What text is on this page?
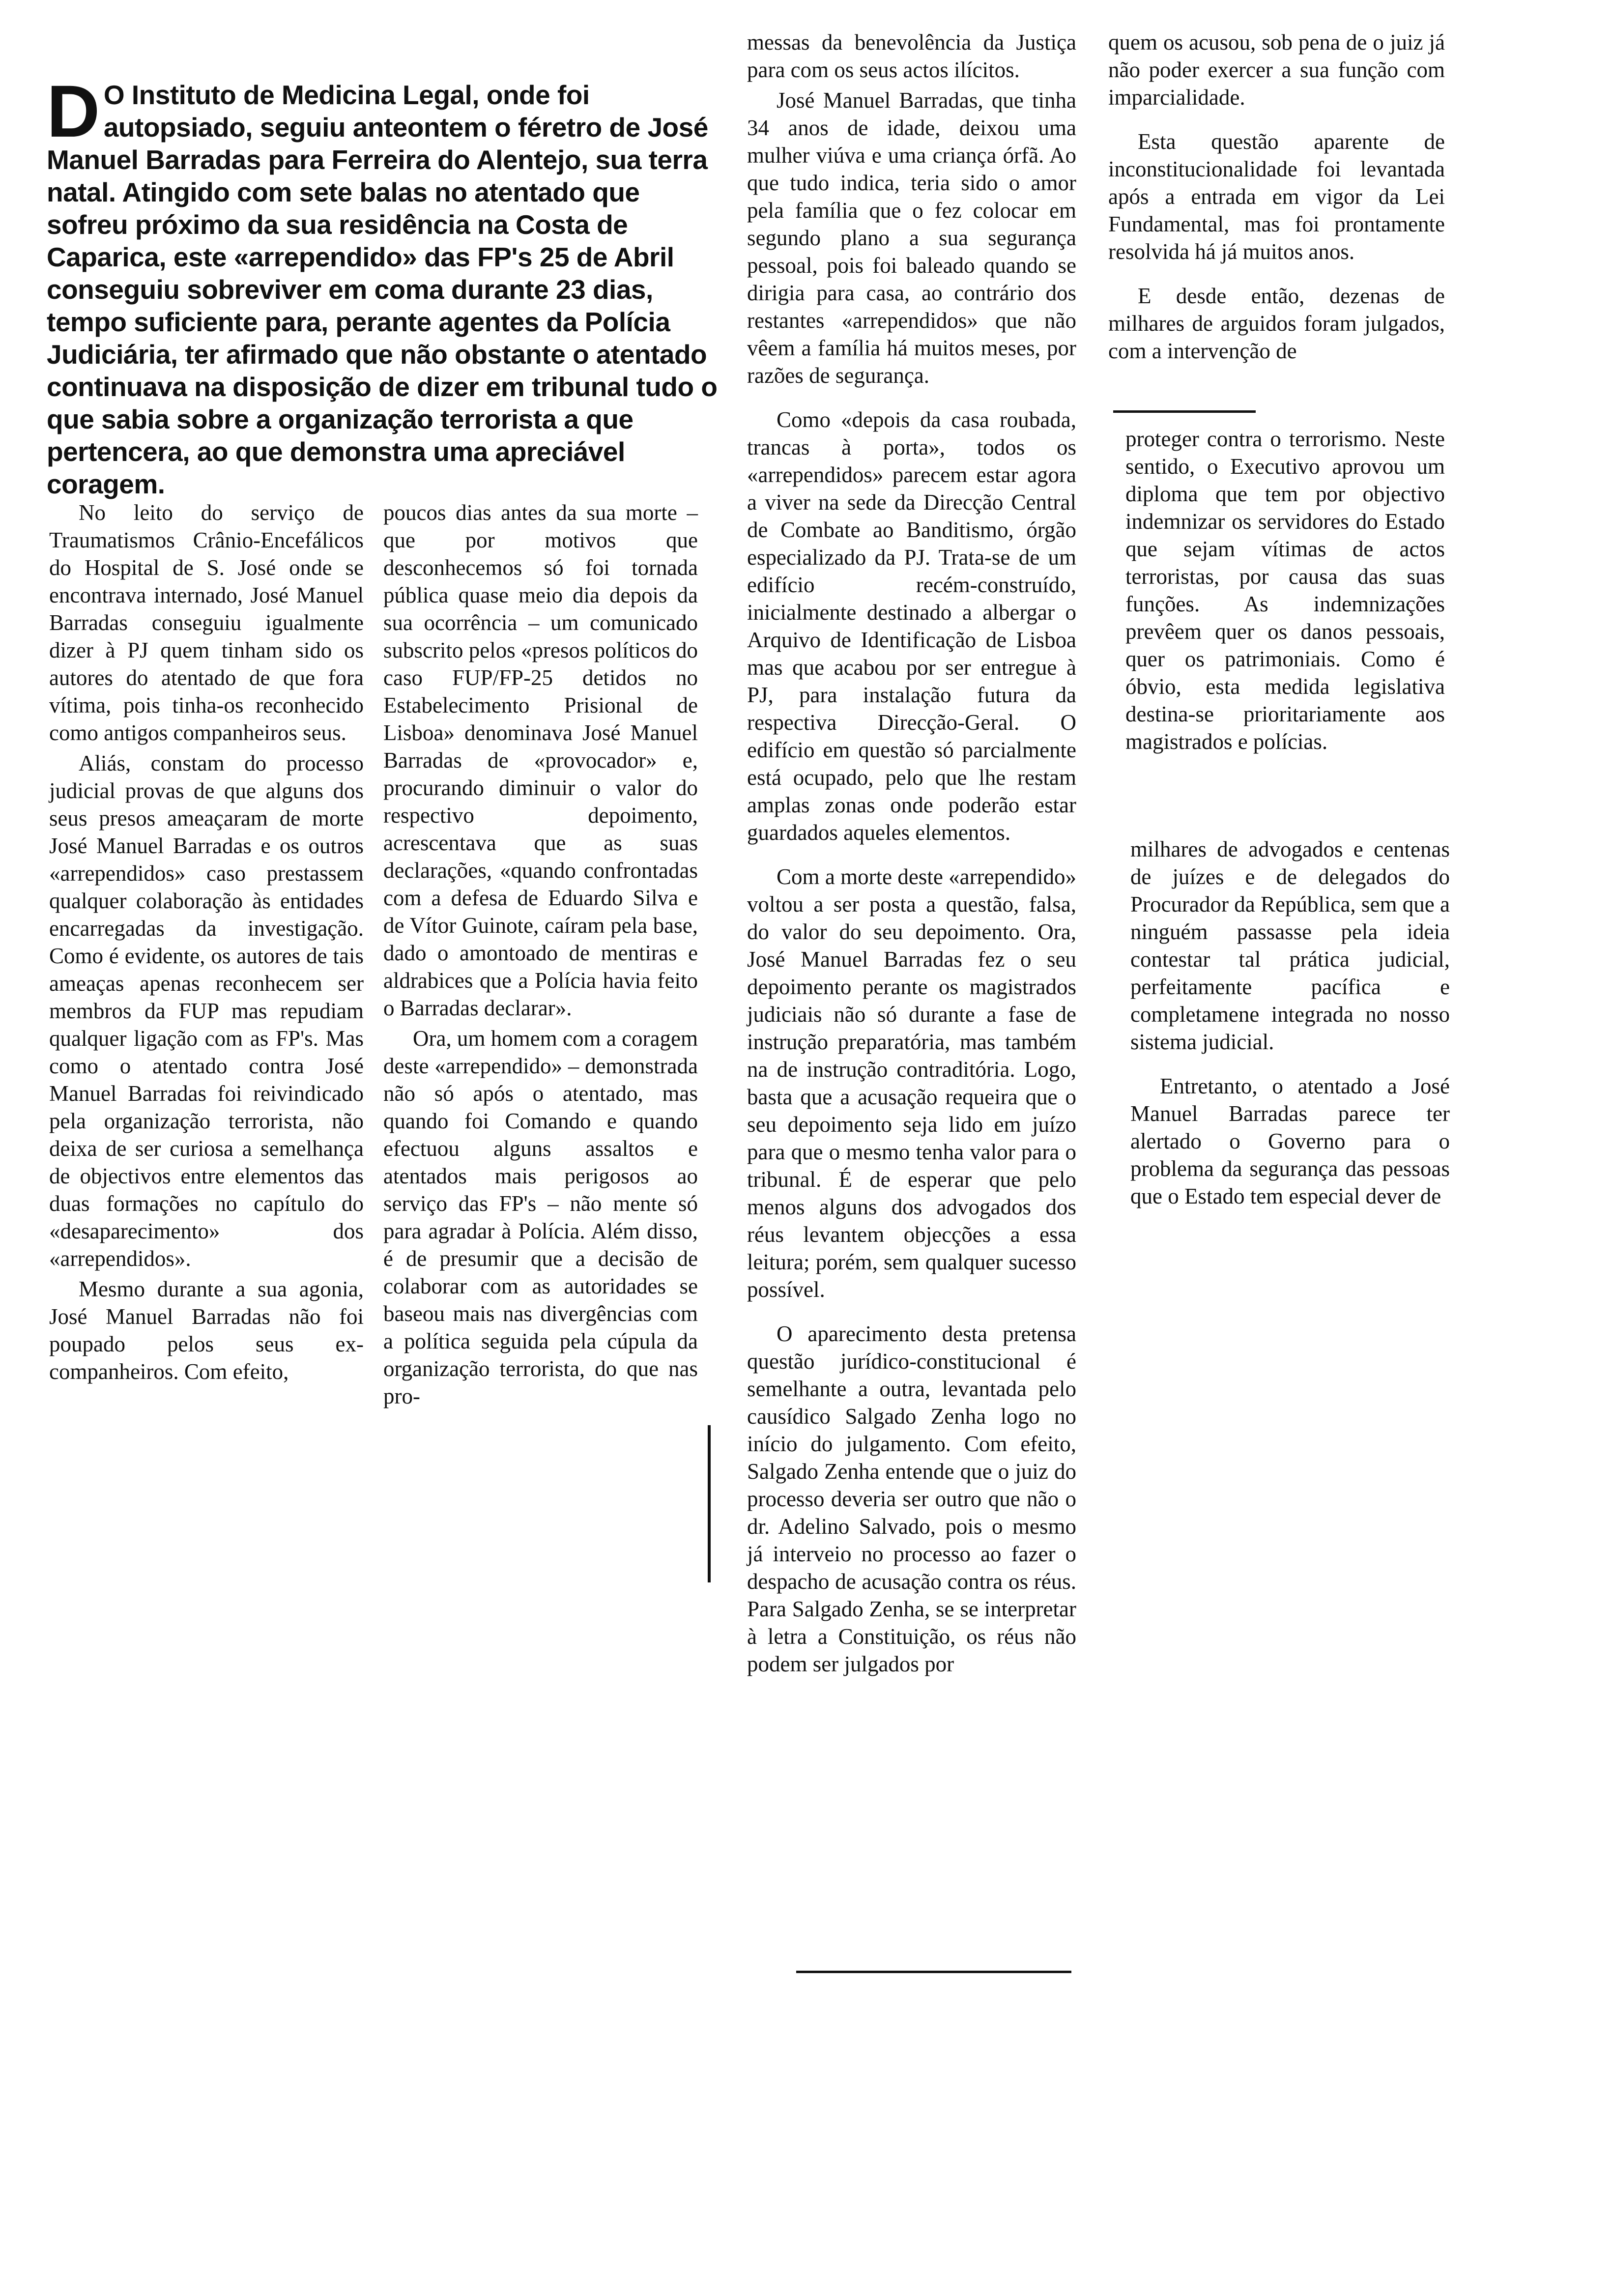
D O Instituto de Medicina Legal, onde foi autopsiado, seguiu anteontem o féretro de José Manuel Barradas para Ferreira do Alentejo, sua terra natal. Atingido com sete balas no atentado que sofreu próximo da sua residência na Costa de Caparica, este «arrependido» das FP's 25 de Abril conseguiu sobreviver em coma durante 23 dias, tempo suficiente para, perante agentes da Polícia Judiciária, ter afirmado que não obstante o atentado continuava na disposição de dizer em tribunal tudo o que sabia sobre a organização terrorista a que pertencera, ao que demonstra uma apreciável coragem.

No leito do serviço de Traumatismos Crânio-Encefálicos do Hospital de S. José onde se encontrava internado, José Manuel Barradas conseguiu igualmente dizer à PJ quem tinham sido os autores do atentado de que fora vítima, pois tinha-os reconhecido como antigos companheiros seus.

Aliás, constam do processo judicial provas de que alguns dos seus presos ameaçaram de morte José Manuel Barradas e os outros «arrependidos» caso prestassem qualquer colaboração às entidades encarregadas da investigação. Como é evidente, os autores de tais ameaças apenas reconhecem ser membros da FUP mas repudiam qualquer ligação com as FP's. Mas como o atentado contra José Manuel Barradas foi reivindicado pela organização terrorista, não deixa de ser curiosa a semelhança de objectivos entre elementos das duas formações no capítulo do «desaparecimento» dos «arrependidos».

Mesmo durante a sua agonia, José Manuel Barradas não foi poupado pelos seus ex-companheiros. Com efeito,

poucos dias antes da sua morte – que por motivos que desconhecemos só foi tornada pública quase meio dia depois da sua ocorrência – um comunicado subscrito pelos «presos políticos do caso FUP/FP-25 detidos no Estabelecimento Prisional de Lisboa» denominava José Manuel Barradas de «provocador» e, procurando diminuir o valor do respectivo depoimento, acrescentava que as suas declarações, «quando confrontadas com a defesa de Eduardo Silva e de Vítor Guinote, caíram pela base, dado o amontoado de mentiras e aldrabices que a Polícia havia feito o Barradas declarar».

Ora, um homem com a coragem deste «arrependido» – demonstrada não só após o atentado, mas quando foi Comando e quando efectuou alguns assaltos e atentados mais perigosos ao serviço das FP's – não mente só para agradar à Polícia. Além disso, é de presumir que a decisão de colaborar com as autoridades se baseou mais nas divergências com a política seguida pela cúpula da organização terrorista, do que nas pro-

messas da benevolência da Justiça para com os seus actos ilícitos.

José Manuel Barradas, que tinha 34 anos de idade, deixou uma mulher viúva e uma criança órfã. Ao que tudo indica, teria sido o amor pela família que o fez colocar em segundo plano a sua segurança pessoal, pois foi baleado quando se dirigia para casa, ao contrário dos restantes «arrependidos» que não vêem a família há muitos meses, por razões de segurança.

Como «depois da casa roubada, trancas à porta», todos os «arrependidos» parecem estar agora a viver na sede da Direcção Central de Combate ao Banditismo, órgão especializado da PJ. Trata-se de um edifício recém-construído, inicialmente destinado a albergar o Arquivo de Identificação de Lisboa mas que acabou por ser entregue à PJ, para instalação futura da respectiva Direcção-Geral. O edifício em questão só parcialmente está ocupado, pelo que lhe restam amplas zonas onde poderão estar guardados aqueles elementos.

Com a morte deste «arrependido» voltou a ser posta a questão, falsa, do valor do seu depoimento. Ora, José Manuel Barradas fez o seu depoimento perante os magistrados judiciais não só durante a fase de instrução preparatória, mas também na de instrução contraditória. Logo, basta que a acusação requeira que o seu depoimento seja lido em juízo para que o mesmo tenha valor para o tribunal. É de esperar que pelo menos alguns dos advogados dos réus levantem objecções a essa leitura; porém, sem qualquer sucesso possível.

O aparecimento desta pretensa questão jurídico-constitucional é semelhante a outra, levantada pelo causídico Salgado Zenha logo no início do julgamento. Com efeito, Salgado Zenha entende que o juiz do processo deveria ser outro que não o dr. Adelino Salvado, pois o mesmo já interveio no processo ao fazer o despacho de acusação contra os réus. Para Salgado Zenha, se se interpretar à letra a Constituição, os réus não podem ser julgados por

quem os acusou, sob pena de o juiz já não poder exercer a sua função com imparcialidade.

Esta questão aparente de inconstitucionalidade foi levantada após a entrada em vigor da Lei Fundamental, mas foi prontamente resolvida há já muitos anos.

E desde então, dezenas de milhares de arguidos foram julgados, com a intervenção de

proteger contra o terrorismo. Neste sentido, o Executivo aprovou um diploma que tem por objectivo indemnizar os servidores do Estado que sejam vítimas de actos terroristas, por causa das suas funções. As indemnizações prevêem quer os danos pessoais, quer os patrimoniais. Como é óbvio, esta medida legislativa destina-se prioritariamente aos magistrados e polícias.

milhares de advogados e centenas de juízes e de delegados do Procurador da República, sem que a ninguém passasse pela ideia contestar tal prática judicial, perfeitamente pacífica e completamene integrada no nosso sistema judicial.

Entretanto, o atentado a José Manuel Barradas parece ter alertado o Governo para o problema da segurança das pessoas que o Estado tem especial dever de
